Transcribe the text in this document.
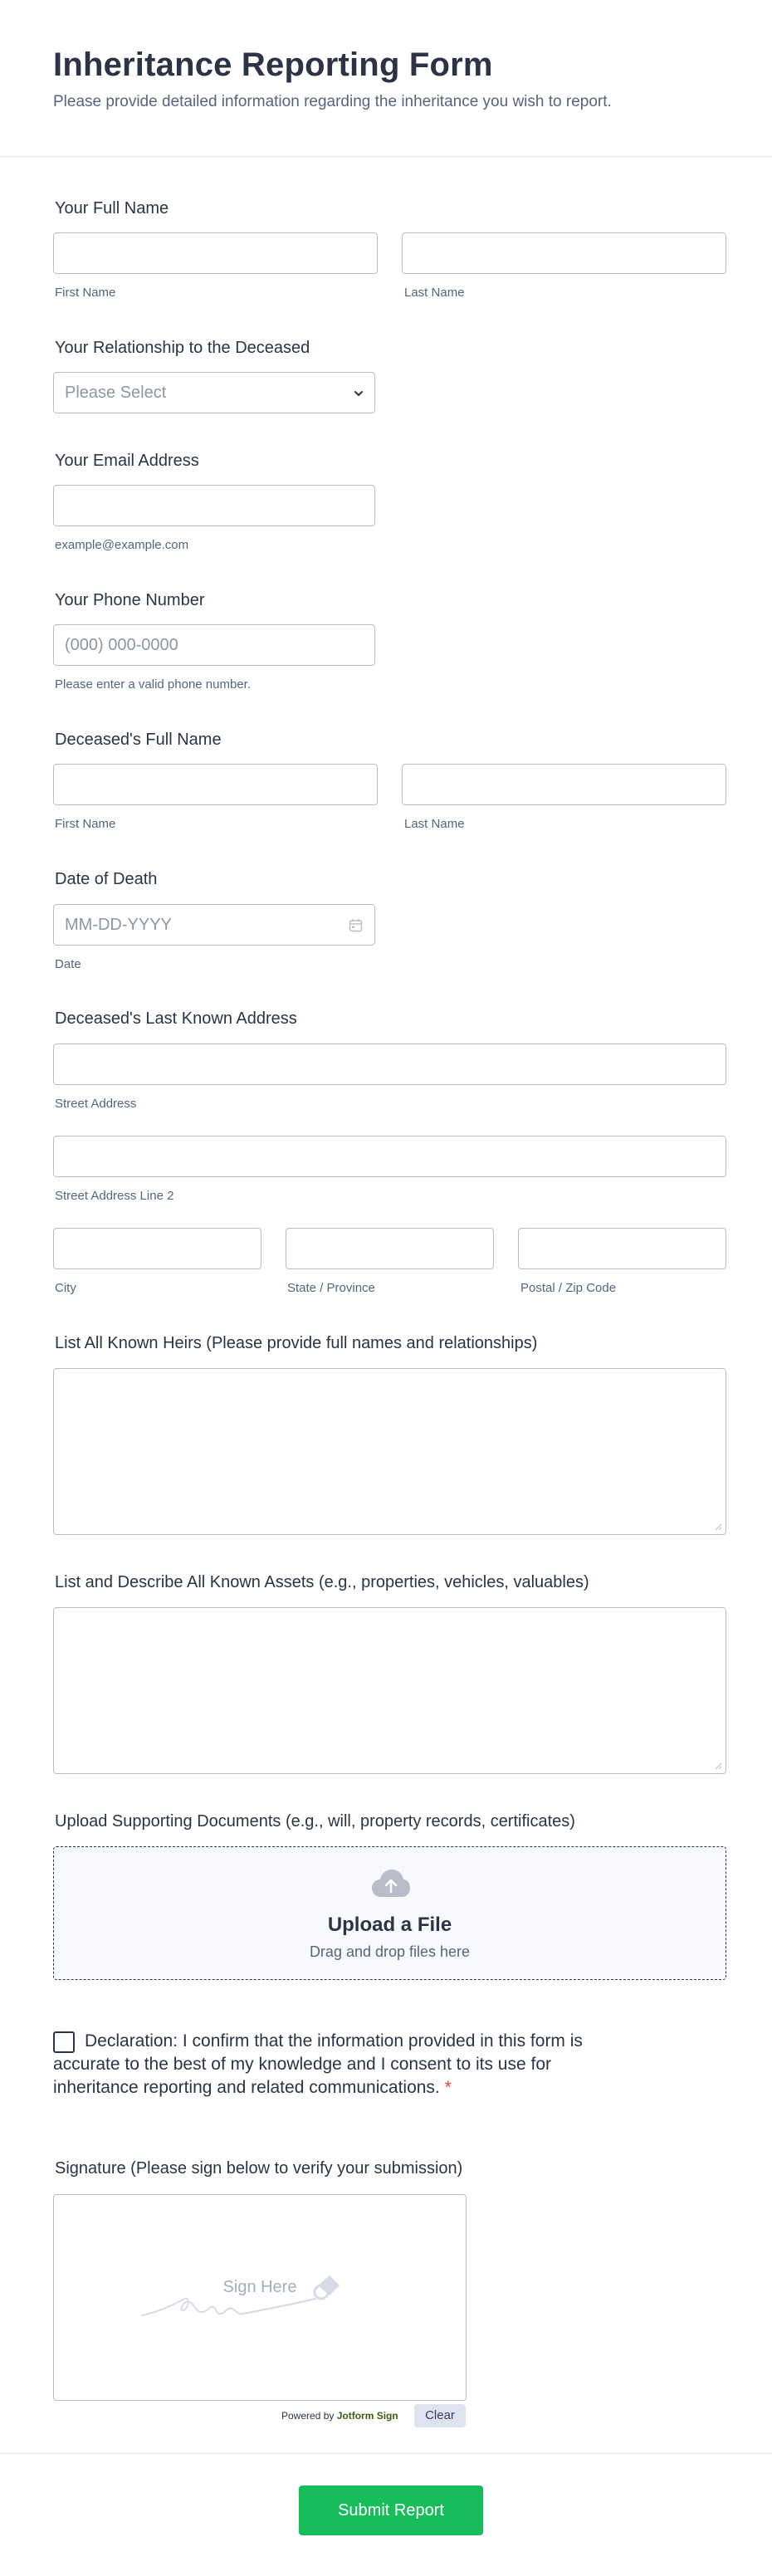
Inheritance Reporting Form
Please provide detailed information regarding the inheritance you wish to report.
Your Full Name
First Name	Last Name
Your Relationship to the Deceased
Please Select
Your Email Address
example@example.com
Your Phone Number
(000) 000-0000
Please enter a valid phone number.
Deceased's Full Name
First Name	Last Name
Date of Death
MM-DD-YYYY
Date
Deceased's Last Known Address
Street Address
Street Address Line 2
City	State / Province	Postal / Zip Code
List All Known Heirs (Please provide full names and relationships)
List and Describe All Known Assets (e.g., properties, vehicles, valuables)
Upload Supporting Documents (e.g., will, property records, certificates)
Upload a File
Drag and drop files here
Declaration: I confirm that the information provided in this form is accurate to the best of my knowledge and I consent to its use for inheritance reporting and related communications. *
Signature (Please sign below to verify your submission)
Sign Here
Powered by Jotform Sign	Clear
Submit Report
